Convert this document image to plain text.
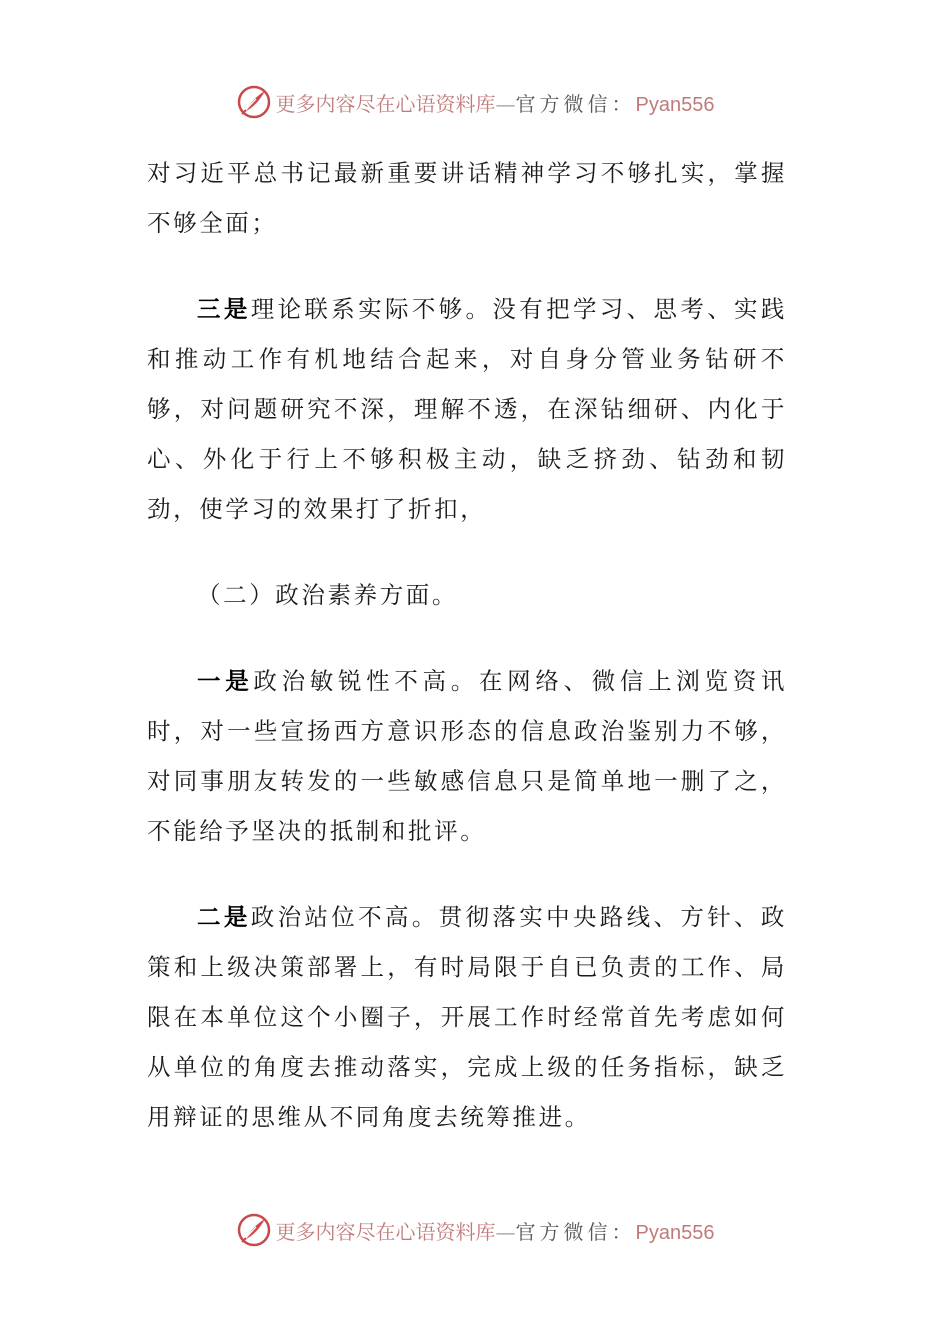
更多内容尽在心语资料库—官方微信：Pyan556

对习近平总书记最新重要讲话精神学习不够扎实，掌握不够全面；

三是理论联系实际不够。没有把学习、思考、实践和推动工作有机地结合起来，对自身分管业务钻研不够，对问题研究不深，理解不透，在深钻细研、内化于心、外化于行上不够积极主动，缺乏挤劲、钻劲和韧劲，使学习的效果打了折扣，

（二）政治素养方面。

一是政治敏锐性不高。在网络、微信上浏览资讯时，对一些宣扬西方意识形态的信息政治鉴别力不够，对同事朋友转发的一些敏感信息只是简单地一删了之，不能给予坚决的抵制和批评。

二是政治站位不高。贯彻落实中央路线、方针、政策和上级决策部署上，有时局限于自已负责的工作、局限在本单位这个小圈子，开展工作时经常首先考虑如何从单位的角度去推动落实，完成上级的任务指标，缺乏用辩证的思维从不同角度去统筹推进。

更多内容尽在心语资料库—官方微信：Pyan556
